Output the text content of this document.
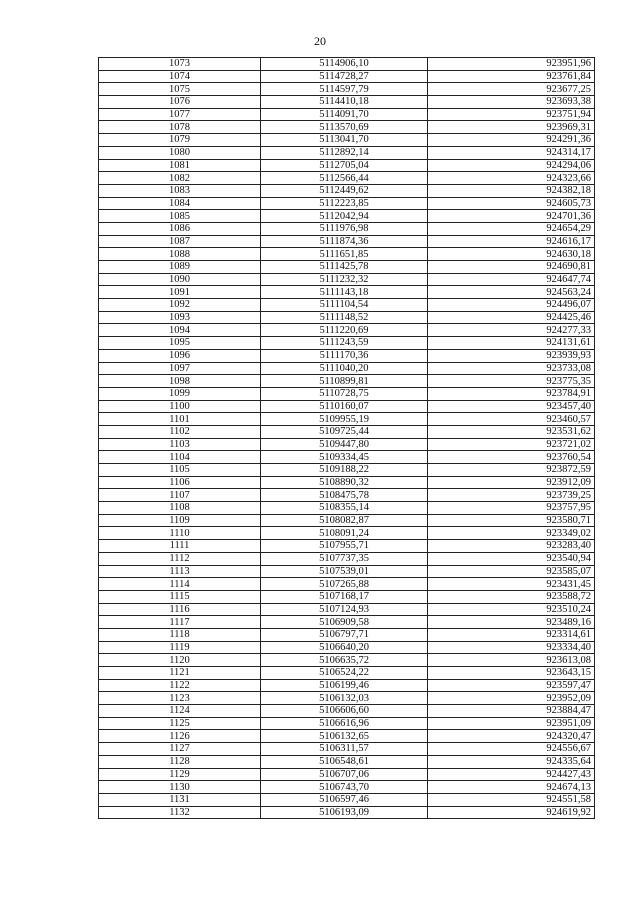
20
1073	5114906,10	923951,96
1074	5114728,27	923761,84
1075	5114597,79	923677,25
1076	5114410,18	923693,38
1077	5114091,70	923751,94
1078	5113570,69	923969,31
1079	5113041,70	924291,36
1080	5112892,14	924314,17
1081	5112705,04	924294,06
1082	5112566,44	924323,66
1083	5112449,62	924382,18
1084	5112223,85	924605,73
1085	5112042,94	924701,36
1086	5111976,98	924654,29
1087	5111874,36	924616,17
1088	5111651,85	924630,18
1089	5111425,78	924690,81
1090	5111232,32	924647,74
1091	5111143,18	924563,24
1092	5111104,54	924496,07
1093	5111148,52	924425,46
1094	5111220,69	924277,33
1095	5111243,59	924131,61
1096	5111170,36	923939,93
1097	5111040,20	923733,08
1098	5110899,81	923775,35
1099	5110728,75	923784,91
1100	5110160,07	923457,40
1101	5109955,19	923460,57
1102	5109725,44	923531,62
1103	5109447,80	923721,02
1104	5109334,45	923760,54
1105	5109188,22	923872,59
1106	5108890,32	923912,09
1107	5108475,78	923739,25
1108	5108355,14	923757,95
1109	5108082,87	923580,71
1110	5108091,24	923349,02
1111	5107955,71	923283,40
1112	5107737,35	923540,94
1113	5107539,01	923585,07
1114	5107265,88	923431,45
1115	5107168,17	923588,72
1116	5107124,93	923510,24
1117	5106909,58	923489,16
1118	5106797,71	923314,61
1119	5106640,20	923334,40
1120	5106635,72	923613,08
1121	5106524,22	923643,15
1122	5106199,46	923597,47
1123	5106132,03	923952,09
1124	5106606,60	923884,47
1125	5106616,96	923951,09
1126	5106132,65	924320,47
1127	5106311,57	924556,67
1128	5106548,61	924335,64
1129	5106707,06	924427,43
1130	5106743,70	924674,13
1131	5106597,46	924551,58
1132	5106193,09	924619,92
